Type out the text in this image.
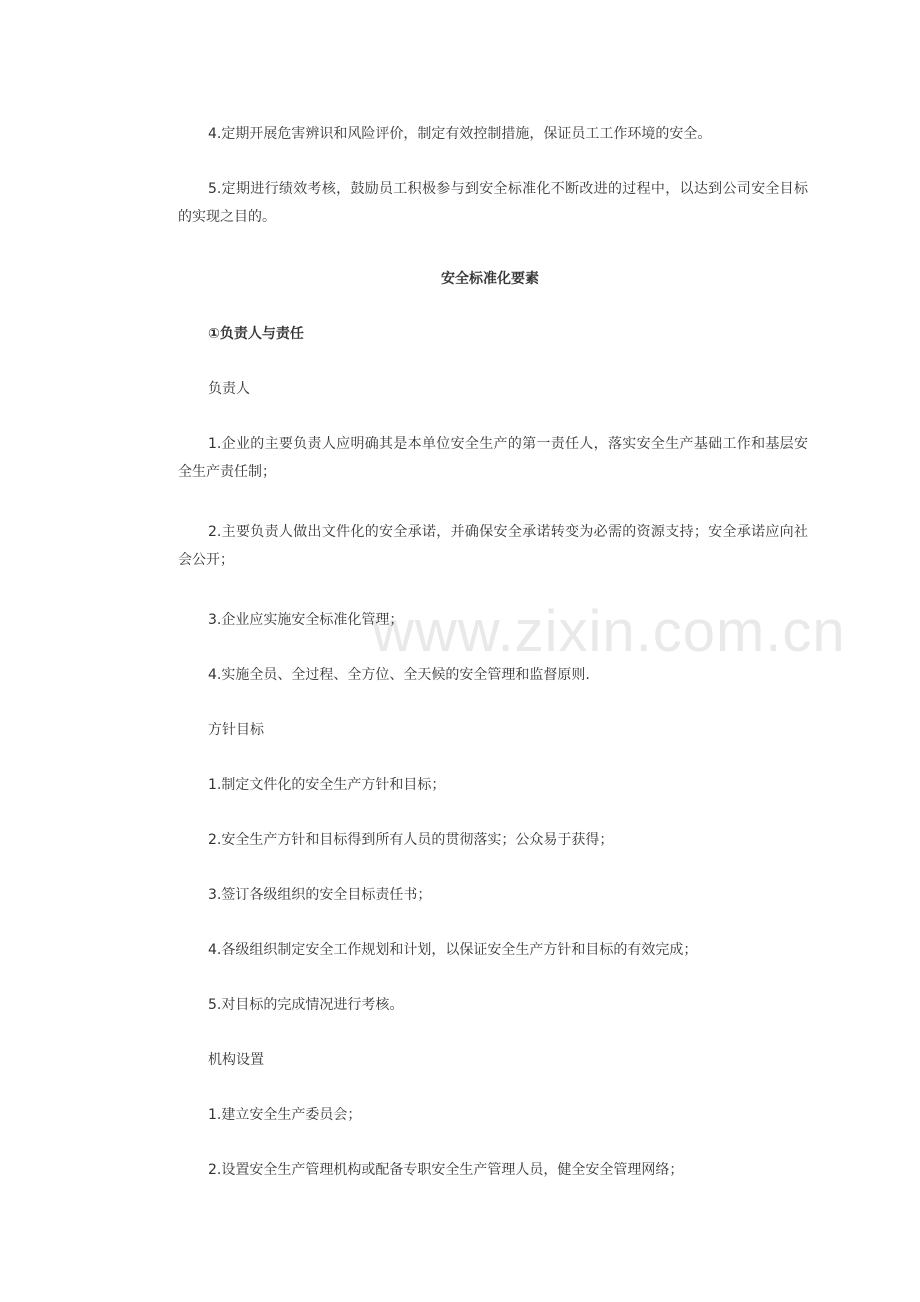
www.zixin.com.cn

4.定期开展危害辨识和风险评价，制定有效控制措施，保证员工工作环境的安全。

5.定期进行绩效考核，鼓励员工积极参与到安全标准化不断改进的过程中，以达到公司安全目标的实现之目的。

安全标准化要素

①负责人与责任

负责人

1.企业的主要负责人应明确其是本单位安全生产的第一责任人，落实安全生产基础工作和基层安全生产责任制；

2.主要负责人做出文件化的安全承诺，并确保安全承诺转变为必需的资源支持；安全承诺应向社会公开；

3.企业应实施安全标准化管理；

4.实施全员、全过程、全方位、全天候的安全管理和监督原则.

方针目标

1.制定文件化的安全生产方针和目标；

2.安全生产方针和目标得到所有人员的贯彻落实；公众易于获得；

3.签订各级组织的安全目标责任书；

4.各级组织制定安全工作规划和计划，以保证安全生产方针和目标的有效完成；

5.对目标的完成情况进行考核。

机构设置

1.建立安全生产委员会；

2.设置安全生产管理机构或配备专职安全生产管理人员，健全安全管理网络；
